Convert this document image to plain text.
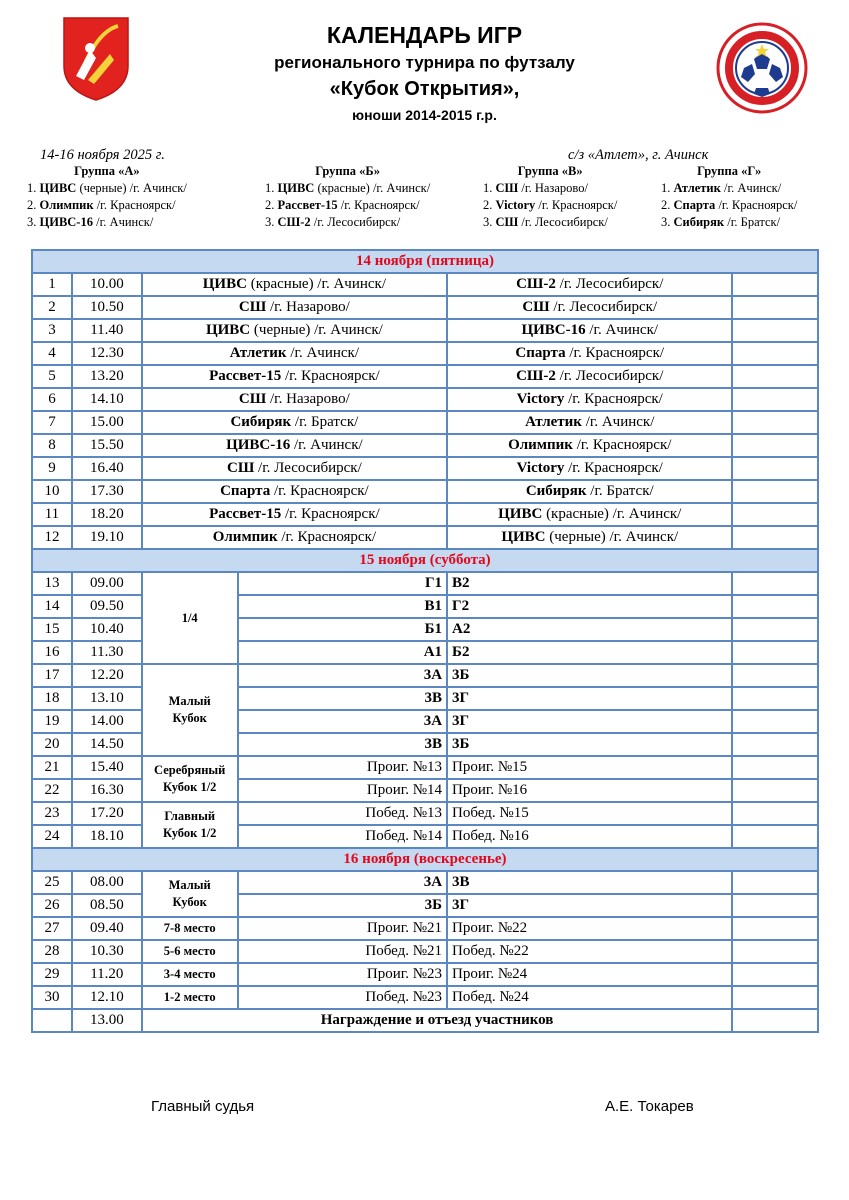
КАЛЕНДАРЬ ИГР
регионального турнира по футзалу
«Кубок Открытия»,
юноши 2014-2015 г.р.
14-16 ноября 2025 г.	с/з «Атлет», г. Ачинск
Группа «А»
1. ЦИВС (черные) /г. Ачинск/
2. Олимпик /г. Красноярск/
3. ЦИВС-16 /г. Ачинск/
Группа «Б»
1. ЦИВС (красные) /г. Ачинск/
2. Рассвет-15 /г. Красноярск/
3. СШ-2 /г. Лесосибирск/
Группа «В»
1. СШ /г. Назарово/
2. Victory /г. Красноярск/
3. СШ /г. Лесосибирск/
Группа «Г»
1. Атлетик /г. Ачинск/
2. Спарта /г. Красноярск/
3. Сибиряк /г. Братск/
14 ноября (пятница)					
1	10.00	ЦИВС (красные) /г. Ачинск/		СШ-2 /г. Лесосибирск/	
2	10.50	СШ /г. Назарово/		СШ /г. Лесосибирск/	
3	11.40	ЦИВС (черные) /г. Ачинск/		ЦИВС-16 /г. Ачинск/	
4	12.30	Атлетик /г. Ачинск/		Спарта /г. Красноярск/	
5	13.20	Рассвет-15 /г. Красноярск/		СШ-2 /г. Лесосибирск/	
6	14.10	СШ /г. Назарово/		Victory /г. Красноярск/	
7	15.00	Сибиряк /г. Братск/		Атлетик /г. Ачинск/	
8	15.50	ЦИВС-16 /г. Ачинск/		Олимпик /г. Красноярск/	
9	16.40	СШ /г. Лесосибирск/		Victory /г. Красноярск/	
10	17.30	Спарта /г. Красноярск/		Сибиряк /г. Братск/	
11	18.20	Рассвет-15 /г. Красноярск/		ЦИВС (красные) /г. Ачинск/	
12	19.10	Олимпик /г. Красноярск/		ЦИВС (черные) /г. Ачинск/	
15 ноября (суббота)					
13	09.00	1/4	Г1	В2	
14	09.50		В1	Г2	
15	10.40		Б1	А2	
16	11.30		А1	Б2	
17	12.20	Малый
Кубок	3А	3Б	
18	13.10		3В	3Г	
19	14.00		3А	3Г	
20	14.50		3В	3Б	
21	15.40	Серебряный
Кубок 1/2	Проиг. №13	Проиг. №15	
22	16.30		Проиг. №14	Проиг. №16	
23	17.20	Главный
Кубок 1/2	Побед. №13	Побед. №15	
24	18.10		Побед. №14	Побед. №16	
16 ноября (воскресенье)					
25	08.00	Малый
Кубок	3А	3В	
26	08.50		3Б	3Г	
27	09.40	7-8 место	Проиг. №21	Проиг. №22	
28	10.30	5-6 место	Побед. №21	Побед. №22	
29	11.20	3-4 место	Проиг. №23	Проиг. №24	
30	12.10	1-2 место	Побед. №23	Побед. №24	
	13.00	Награждение и отъезд участников			
Главный судья	А.Е. Токарев
